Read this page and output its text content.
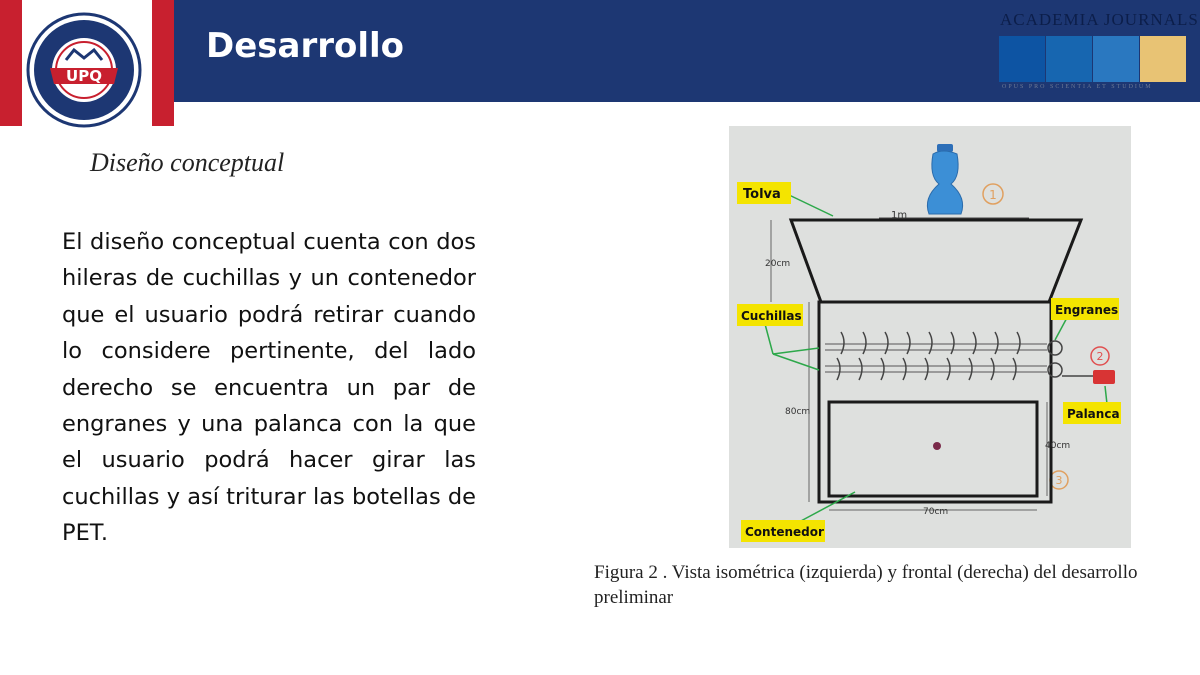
UPQ
Desarrollo
ACADEMIA JOURNALS
OPUS PRO SCIENTIA ET STUDIUM
Diseño conceptual
El diseño conceptual cuenta con dos hileras de cuchillas y un contenedor que el usuario podrá retirar cuando lo considere pertinente, del lado derecho se encuentra un par de engranes y una palanca con la que el usuario podrá hacer girar las cuchillas y así triturar las botellas de PET.
1
2
3
1m
20cm
80cm
40cm
70cm
Tolva
Cuchillas	Engranes
Palanca
Contenedor
Figura 2 . Vista isométrica (izquierda) y frontal (derecha) del desarrollo preliminar
